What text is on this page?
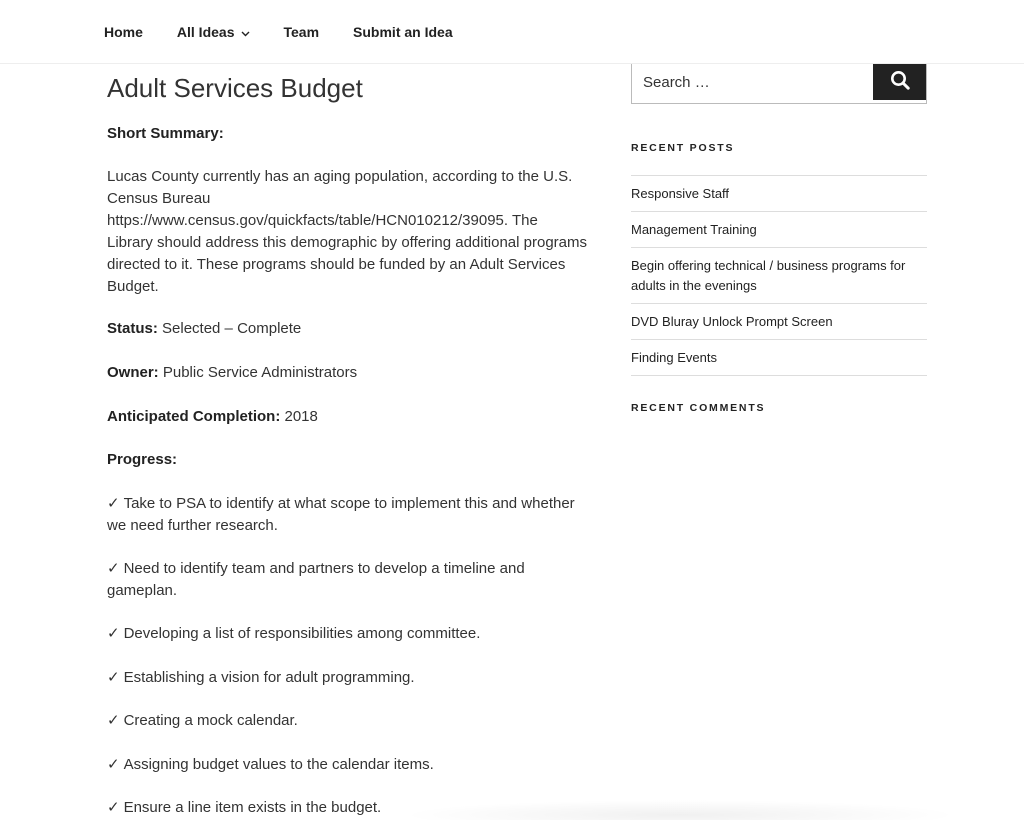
Home All Ideas	Team Submit an Idea
Adult Services Budget

Short Summary:

Lucas County currently has an aging population, according to the U.S. Census Bureau https://www.census.gov/quickfacts/table/HCN010212/39095. The Library should address this demographic by offering additional programs directed to it. These programs should be funded by an Adult Services Budget.

Status: Selected – Complete

Owner: Public Service Administrators

Anticipated Completion: 2018

Progress:

✓ Take to PSA to identify at what scope to implement this and whether we need further research.

✓ Need to identify team and partners to develop a timeline and gameplan.

✓ Developing a list of responsibilities among committee.

✓ Establishing a vision for adult programming.

✓ Creating a mock calendar.

✓ Assigning budget values to the calendar items.

✓ Ensure a line item exists in the budget.

Search …
RECENT POSTS
Responsive Staff
Management Training
Begin offering technical / business programs for adults in the evenings
DVD Bluray Unlock Prompt Screen
Finding Events
RECENT COMMENTS
